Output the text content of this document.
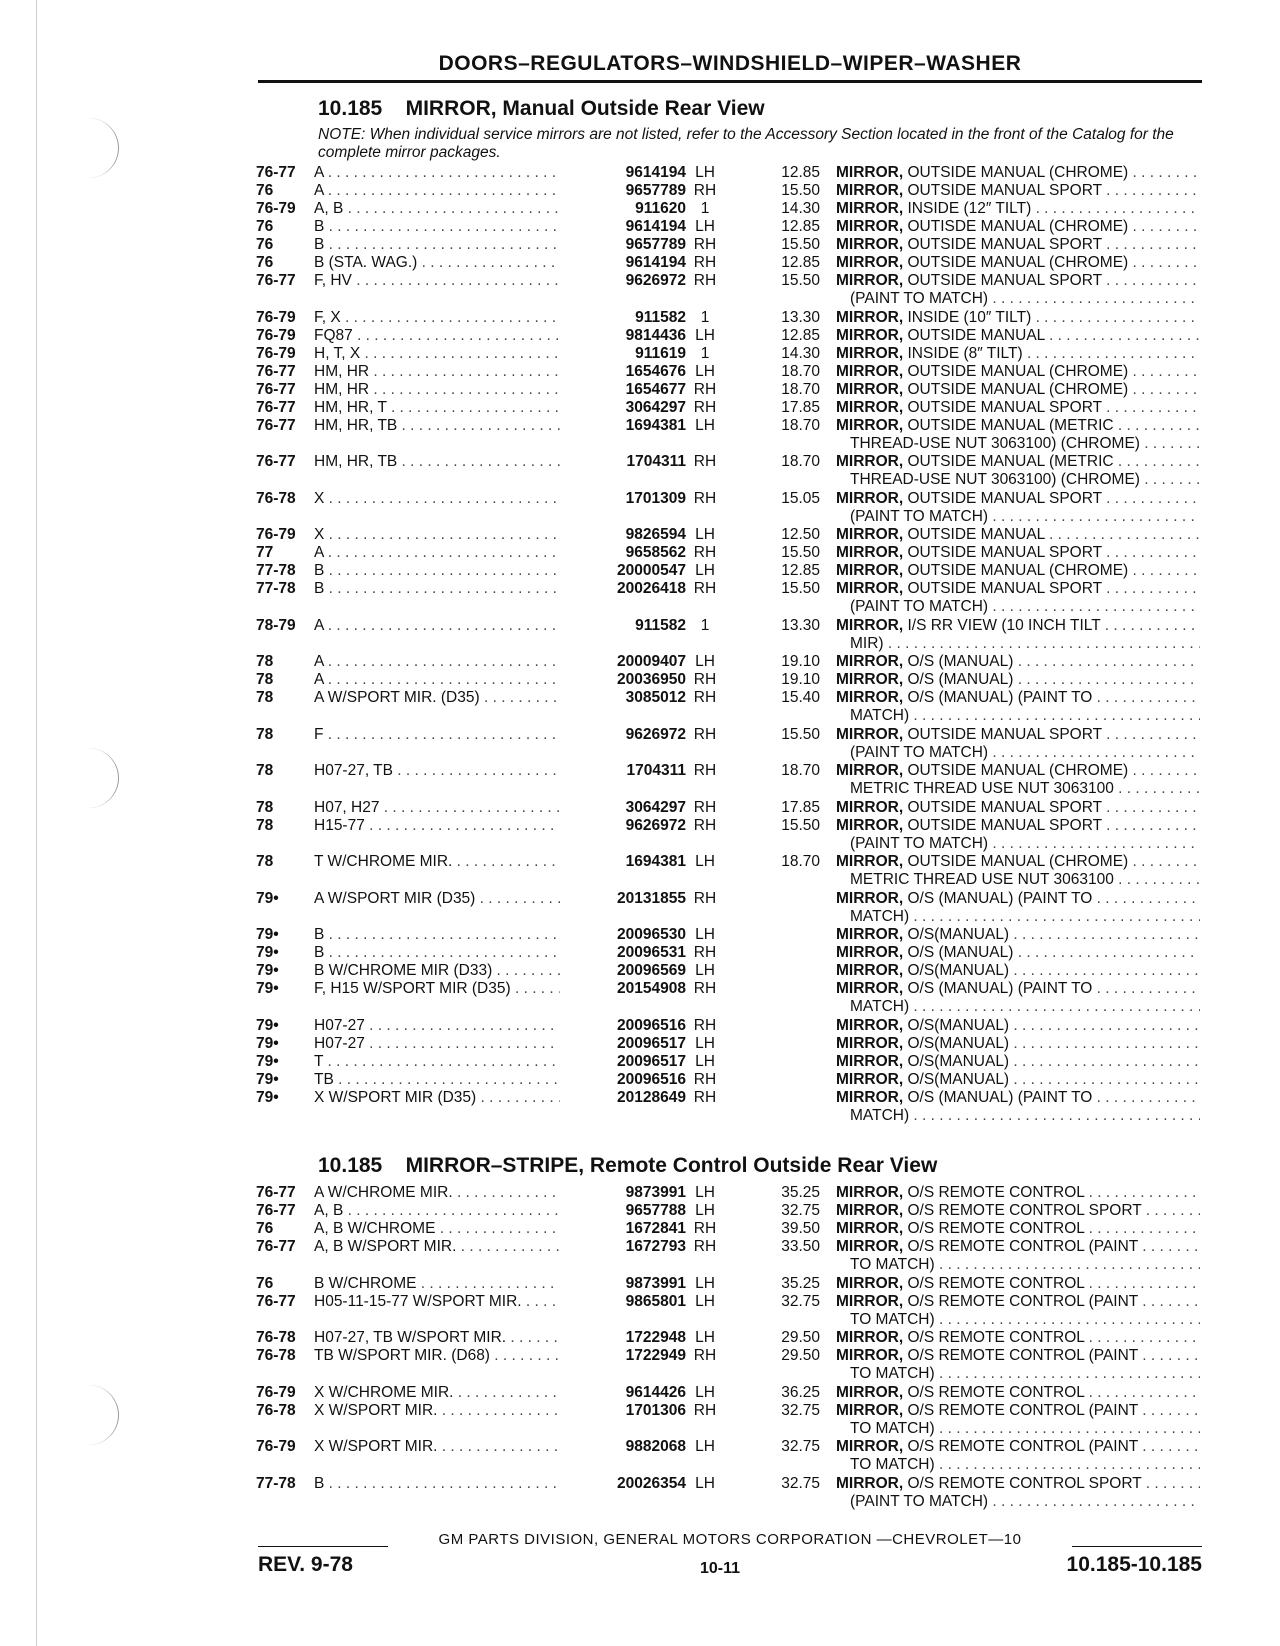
DOORS–REGULATORS–WINDSHIELD–WIPER–WASHER
10.185 MIRROR, Manual Outside Rear View
NOTE: When individual service mirrors are not listed, refer to the Accessory Section located in the front of the Catalog for the complete mirror packages.
76-77	A . . .	9614194 LH	12.85 MIRROR, OUTSIDE MANUAL (CHROME) . . .
76	A . . .	9657789 RH	15.50 MIRROR, OUTSIDE MANUAL SPORT . . .
76-79	A, B . . .	911620 1	14.30 MIRROR, INSIDE (12″ TILT) . . .
76	B . . .	9614194 LH	12.85 MIRROR, OUTISDE MANUAL (CHROME) . . .
76	B . . .	9657789 RH	15.50 MIRROR, OUTSIDE MANUAL SPORT . . .
76	B (STA. WAG.) . . .	9614194 RH	12.85 MIRROR, OUTSIDE MANUAL (CHROME) . . .
76-77	F, HV . . .	9626972 RH	15.50 MIRROR, OUTSIDE MANUAL SPORT . . .
(PAINT TO MATCH) . . .
76-79	F, X . . .	911582 1	13.30 MIRROR, INSIDE (10″ TILT) . . .
76-79	FQ87 . . .	9814436 LH	12.85 MIRROR, OUTSIDE MANUAL . . .
76-79	H, T, X . . .	911619 1	14.30 MIRROR, INSIDE (8″ TILT) . . .
76-77	HM, HR . . .	1654676 LH	18.70 MIRROR, OUTSIDE MANUAL (CHROME) . . .
76-77	HM, HR . . .	1654677 RH	18.70 MIRROR, OUTSIDE MANUAL (CHROME) . . .
76-77	HM, HR, T . . .	3064297 RH	17.85 MIRROR, OUTSIDE MANUAL SPORT . . .
76-77	HM, HR, TB . . .	1694381 LH	18.70 MIRROR, OUTSIDE MANUAL (METRIC . . .
THREAD-USE NUT 3063100) (CHROME) . . .
76-77	HM, HR, TB . . .	1704311 RH	18.70 MIRROR, OUTSIDE MANUAL (METRIC . . .
THREAD-USE NUT 3063100) (CHROME) . . .
76-78	X . . .	1701309 RH	15.05 MIRROR, OUTSIDE MANUAL SPORT . . .
(PAINT TO MATCH) . . .
76-79	X . . .	9826594 LH	12.50 MIRROR, OUTSIDE MANUAL . . .
77	A . . .	9658562 RH	15.50 MIRROR, OUTSIDE MANUAL SPORT . . .
77-78	B . . .	20000547 LH	12.85 MIRROR, OUTSIDE MANUAL (CHROME) . . .
77-78	B . . .	20026418 RH	15.50 MIRROR, OUTSIDE MANUAL SPORT . . .
(PAINT TO MATCH) . . .
78-79	A . . .	911582 1	13.30 MIRROR, I/S RR VIEW (10 INCH TILT . . .
MIR) . . .
78	A . . .	20009407 LH	19.10 MIRROR, O/S (MANUAL) . . .
78	A . . .	20036950 RH	19.10 MIRROR, O/S (MANUAL) . . .
78	A W/SPORT MIR. (D35) . . .	3085012 RH	15.40 MIRROR, O/S (MANUAL) (PAINT TO . . .
MATCH) . . .
78	F . . .	9626972 RH	15.50 MIRROR, OUTSIDE MANUAL SPORT . . .
(PAINT TO MATCH) . . .
78	H07-27, TB . . .	1704311 RH	18.70 MIRROR, OUTSIDE MANUAL (CHROME) . . .
METRIC THREAD USE NUT 3063100 . . .
78	H07, H27 . . .	3064297 RH	17.85 MIRROR, OUTSIDE MANUAL SPORT . . .
78	H15-77 . . .	9626972 RH	15.50 MIRROR, OUTSIDE MANUAL SPORT . . .
(PAINT TO MATCH) . . .
78	T W/CHROME MIR. . . .	1694381 LH	18.70 MIRROR, OUTSIDE MANUAL (CHROME) . . .
METRIC THREAD USE NUT 3063100 . . .
79•	A W/SPORT MIR (D35) . . .	20131855 RH	MIRROR, O/S (MANUAL) (PAINT TO . . .
MATCH) . . .
79•	B . . .	20096530 LH	MIRROR, O/S(MANUAL) . . .
79•	B . . .	20096531 RH	MIRROR, O/S (MANUAL) . . .
79•	B W/CHROME MIR (D33) . . .	20096569 LH	MIRROR, O/S(MANUAL) . . .
79•	F, H15 W/SPORT MIR (D35) . . .	20154908 RH	MIRROR, O/S (MANUAL) (PAINT TO . . .
MATCH) . . .
79•	H07-27 . . .	20096516 RH	MIRROR, O/S(MANUAL) . . .
79•	H07-27 . . .	20096517 LH	MIRROR, O/S(MANUAL) . . .
79•	T . . .	20096517 LH	MIRROR, O/S(MANUAL) . . .
79•	TB . . .	20096516 RH	MIRROR, O/S(MANUAL) . . .
79•	X W/SPORT MIR (D35) . . .	20128649 RH	MIRROR, O/S (MANUAL) (PAINT TO . . .
MATCH) . . .
10.185 MIRROR–STRIPE, Remote Control Outside Rear View
76-77	A W/CHROME MIR. . . .	9873991 LH	35.25 MIRROR, O/S REMOTE CONTROL . . .
76-77	A, B . . .	9657788 LH	32.75 MIRROR, O/S REMOTE CONTROL SPORT . . .
76	A, B W/CHROME . . .	1672841 RH	39.50 MIRROR, O/S REMOTE CONTROL . . .
76-77	A, B W/SPORT MIR. . . .	1672793 RH	33.50 MIRROR, O/S REMOTE CONTROL (PAINT . . .
TO MATCH) . . .
76	B W/CHROME . . .	9873991 LH	35.25 MIRROR, O/S REMOTE CONTROL . . .
76-77	H05-11-15-77 W/SPORT MIR. . . .	9865801 LH	32.75 MIRROR, O/S REMOTE CONTROL (PAINT . . .
TO MATCH) . . .
76-78	H07-27, TB W/SPORT MIR. . . .	1722948 LH	29.50 MIRROR, O/S REMOTE CONTROL . . .
76-78	TB W/SPORT MIR. (D68) . . .	1722949 RH	29.50 MIRROR, O/S REMOTE CONTROL (PAINT . . .
TO MATCH) . . .
76-79	X W/CHROME MIR. . . .	9614426 LH	36.25 MIRROR, O/S REMOTE CONTROL . . .
76-78	X W/SPORT MIR. . . .	1701306 RH	32.75 MIRROR, O/S REMOTE CONTROL (PAINT . . .
TO MATCH) . . .
76-79	X W/SPORT MIR. . . .	9882068 LH	32.75 MIRROR, O/S REMOTE CONTROL (PAINT . . .
TO MATCH) . . .
77-78	B . . .	20026354 LH	32.75 MIRROR, O/S REMOTE CONTROL SPORT . . .
(PAINT TO MATCH) . . .
GM PARTS DIVISION, GENERAL MOTORS CORPORATION —CHEVROLET—10
REV. 9-78	10-11	10.185-10.185
